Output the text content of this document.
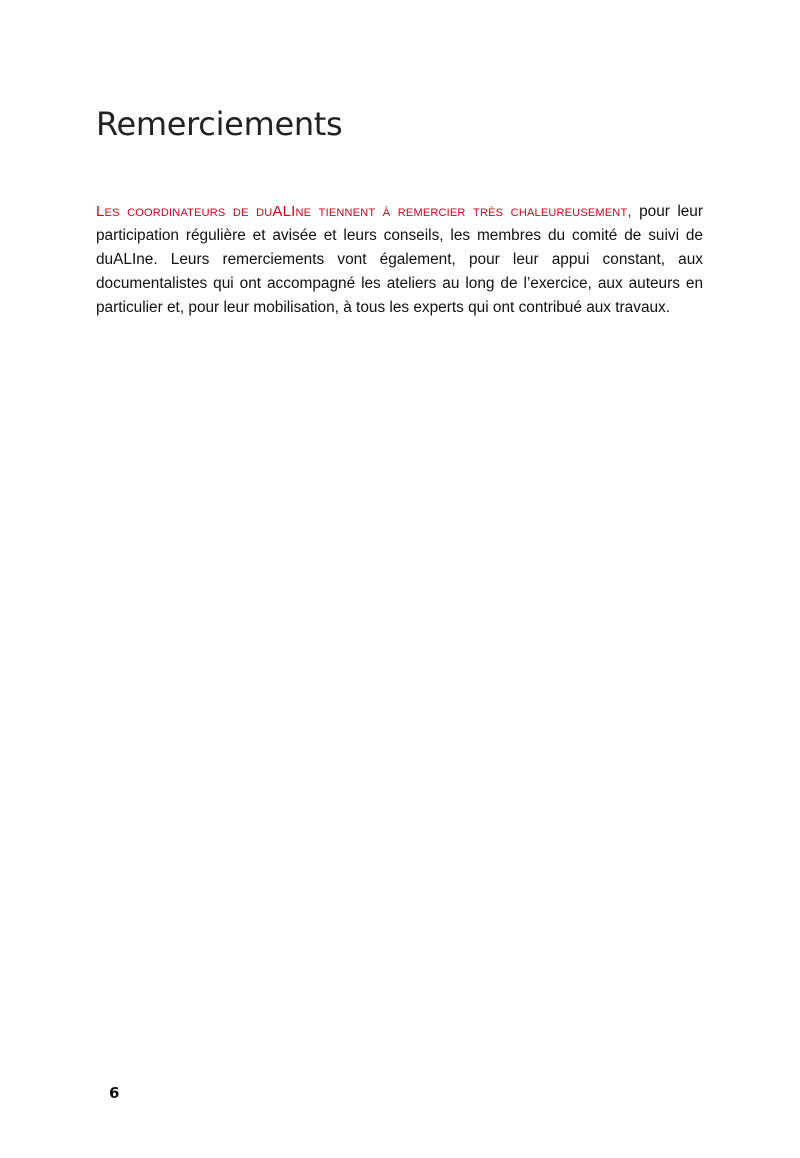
Remerciements

Les coordinateurs de duALIne tiennent à remercier très chaleureusement, pour leur participation régulière et avisée et leurs conseils, les membres du comité de suivi de duALIne. Leurs remerciements vont également, pour leur appui constant, aux documentalistes qui ont accompagné les ateliers au long de l’exercice, aux auteurs en particulier et, pour leur mobilisation, à tous les experts qui ont contribué aux travaux.

6
